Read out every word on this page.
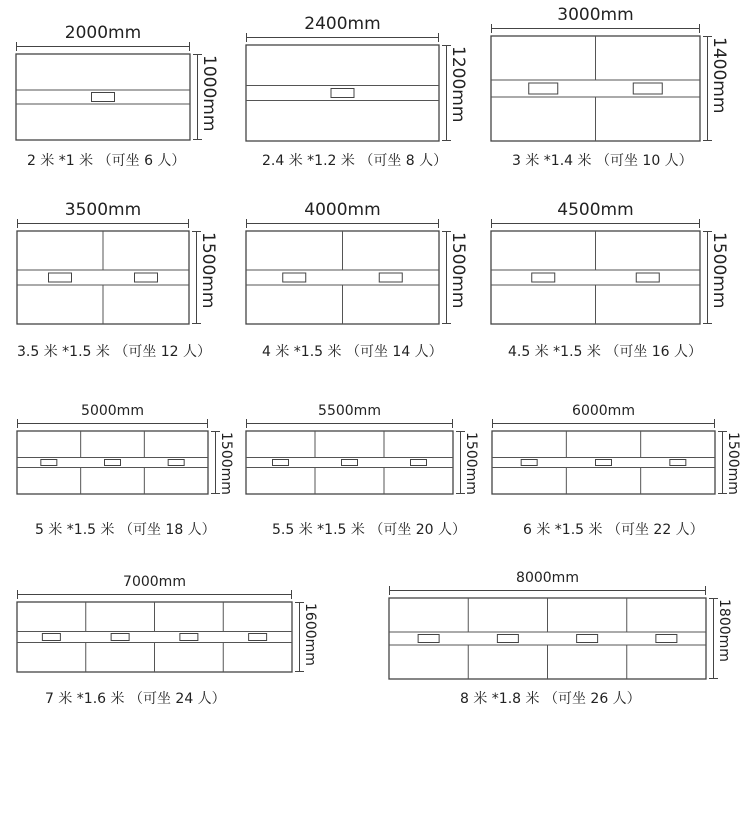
2000mm
1000mm
2 米 *1 米 （可坐 6 人）
2400mm
1200mm
2.4 米 *1.2 米 （可坐 8 人）
3000mm
1400mm
3 米 *1.4 米 （可坐 10 人）
3500mm
1500mm
3.5 米 *1.5 米 （可坐 12 人）
4000mm
1500mm
4 米 *1.5 米 （可坐 14 人）
4500mm
1500mm
4.5 米 *1.5 米 （可坐 16 人）
5000mm
1500mm
5 米 *1.5 米 （可坐 18 人）
5500mm
1500mm
5.5 米 *1.5 米 （可坐 20 人）
6000mm
1500mm
6 米 *1.5 米 （可坐 22 人）
7000mm
1600mm
7 米 *1.6 米 （可坐 24 人）
8000mm
1800mm
8 米 *1.8 米 （可坐 26 人）
